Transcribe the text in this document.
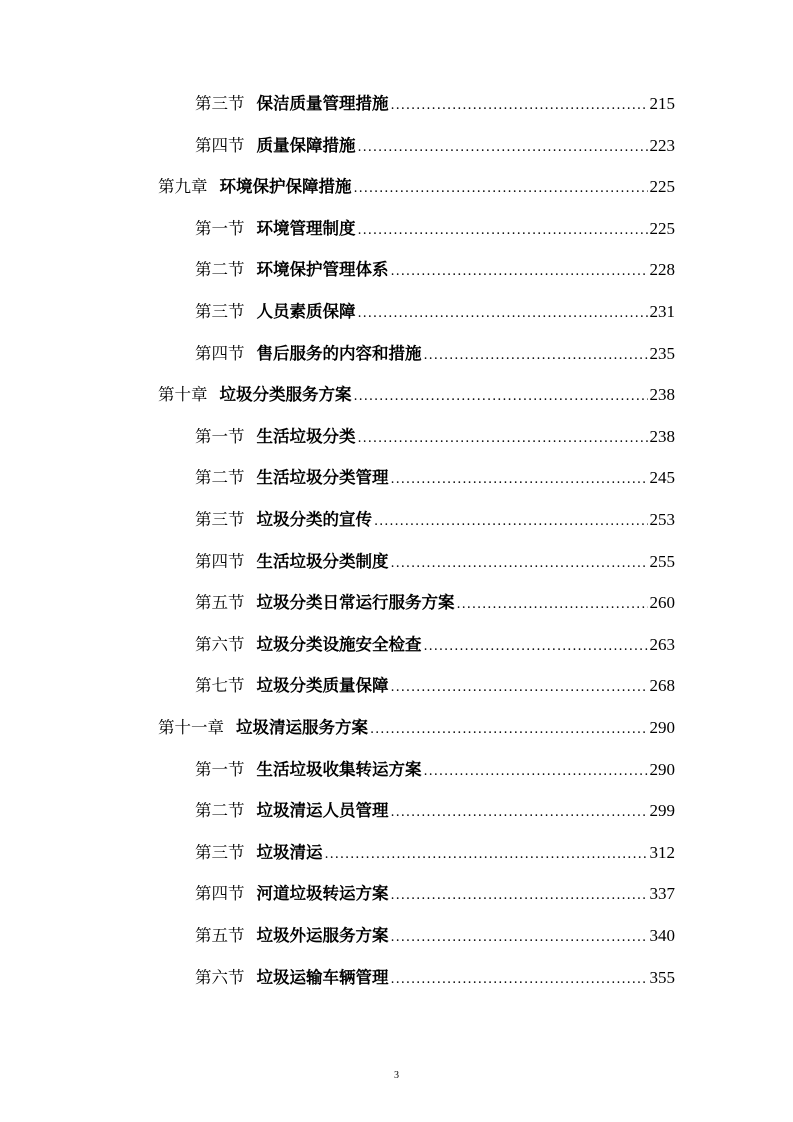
第三节 保洁质量管理措施 .....	215
第四节 质量保障措施 .....	223
第九章 环境保护保障措施 .....	225
第一节 环境管理制度 .....	225
第二节 环境保护管理体系 .....	228
第三节 人员素质保障 .....	231
第四节 售后服务的内容和措施 .....	235
第十章 垃圾分类服务方案 .....	238
第一节 生活垃圾分类 .....	238
第二节 生活垃圾分类管理 .....	245
第三节 垃圾分类的宣传 .....	253
第四节 生活垃圾分类制度 .....	255
第五节 垃圾分类日常运行服务方案 .....	260
第六节 垃圾分类设施安全检查 .....	263
第七节 垃圾分类质量保障 .....	268
第十一章 垃圾清运服务方案 .....	290
第一节 生活垃圾收集转运方案 .....	290
第二节 垃圾清运人员管理 .....	299
第三节 垃圾清运 .....	312
第四节 河道垃圾转运方案 .....	337
第五节 垃圾外运服务方案 .....	340
第六节 垃圾运输车辆管理 .....	355
3
